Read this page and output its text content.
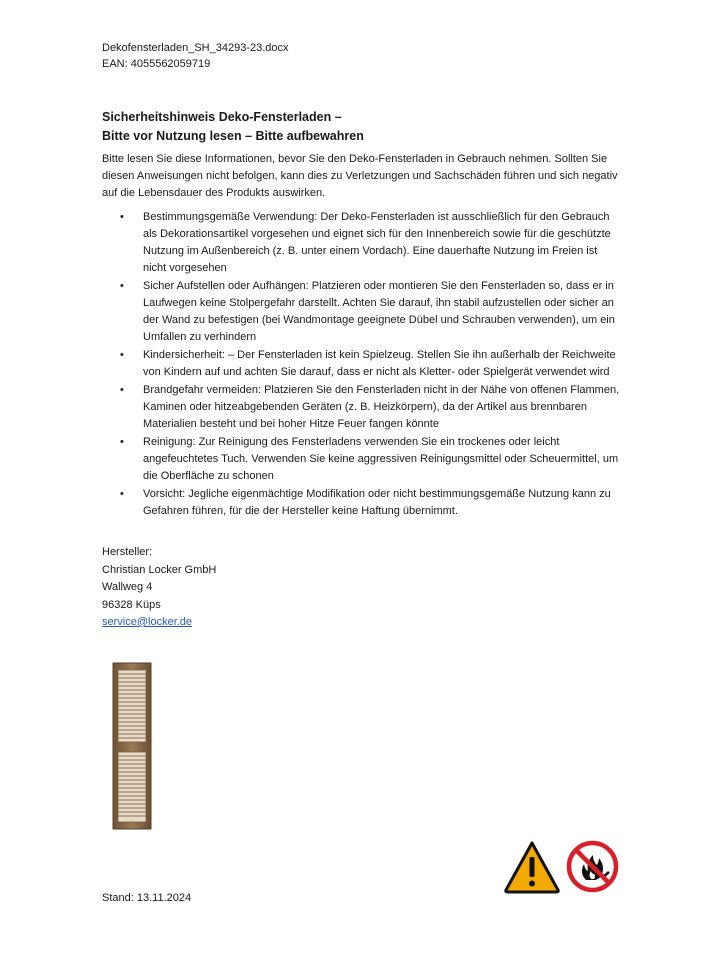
Dekofensterladen_SH_34293-23.docx
EAN: 4055562059719
Sicherheitshinweis Deko-Fensterladen –
Bitte vor Nutzung lesen – Bitte aufbewahren
Bitte lesen Sie diese Informationen, bevor Sie den Deko-Fensterladen in Gebrauch nehmen. Sollten Sie diesen Anweisungen nicht befolgen, kann dies zu Verletzungen und Sachschäden führen und sich negativ auf die Lebensdauer des Produkts auswirken.
• Bestimmungsgemäße Verwendung: Der Deko-Fensterladen ist ausschließlich für den Gebrauch als Dekorationsartikel vorgesehen und eignet sich für den Innenbereich sowie für die geschützte Nutzung im Außenbereich (z. B. unter einem Vordach). Eine dauerhafte Nutzung im Freien ist nicht vorgesehen
• Sicher Aufstellen oder Aufhängen: Platzieren oder montieren Sie den Fensterladen so, dass er in Laufwegen keine Stolpergefahr darstellt. Achten Sie darauf, ihn stabil aufzustellen oder sicher an der Wand zu befestigen (bei Wandmontage geeignete Dübel und Schrauben verwenden), um ein Umfallen zu verhindern
• Kindersicherheit: – Der Fensterladen ist kein Spielzeug. Stellen Sie ihn außerhalb der Reichweite von Kindern auf und achten Sie darauf, dass er nicht als Kletter- oder Spielgerät verwendet wird
• Brandgefahr vermeiden: Platzieren Sie den Fensterladen nicht in der Nähe von offenen Flammen, Kaminen oder hitzeabgebenden Geräten (z. B. Heizkörpern), da der Artikel aus brennbaren Materialien besteht und bei hoher Hitze Feuer fangen könnte
• Reinigung: Zur Reinigung des Fensterladens verwenden Sie ein trockenes oder leicht angefeuchtetes Tuch. Verwenden Sie keine aggressiven Reinigungsmittel oder Scheuermittel, um die Oberfläche zu schonen
• Vorsicht: Jegliche eigenmächtige Modifikation oder nicht bestimmungsgemäße Nutzung kann zu Gefahren führen, für die der Hersteller keine Haftung übernimmt.
Hersteller:
Christian Locker GmbH
Wallweg 4
96328 Küps
service@locker.de
Stand: 13.11.2024
